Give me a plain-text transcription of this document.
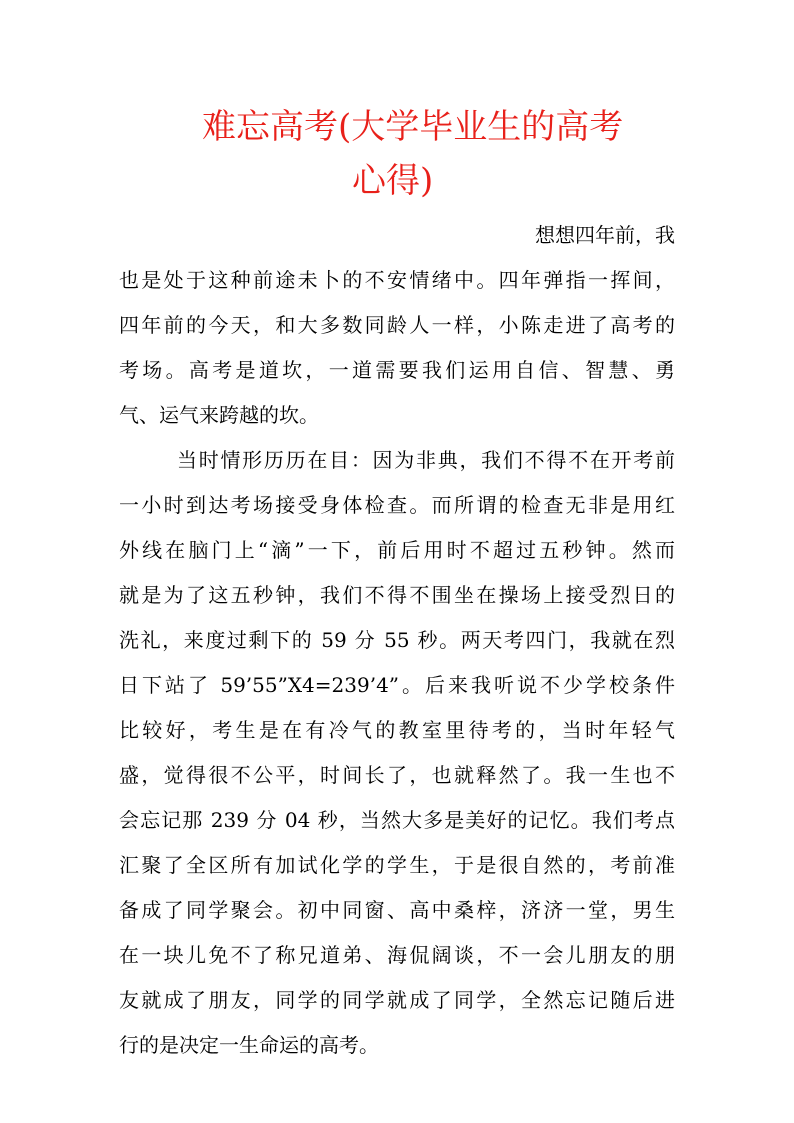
难忘高考(大学毕业生的高考
心得)
想想四年前，我
也是处于这种前途未卜的不安情绪中。四年弹指一挥间，
四年前的今天，和大多数同龄人一样，小陈走进了高考的
考场。高考是道坎，一道需要我们运用自信、智慧、勇
气、运气来跨越的坎。
当时情形历历在目：因为非典，我们不得不在开考前
一小时到达考场接受身体检查。而所谓的检查无非是用红
外线在脑门上“滴”一下，前后用时不超过五秒钟。然而
就是为了这五秒钟，我们不得不围坐在操场上接受烈日的
洗礼，来度过剩下的 59 分 55 秒。两天考四门，我就在烈
日下站了 59’55”X4=239’4”。后来我听说不少学校条件
比较好，考生是在有冷气的教室里待考的，当时年轻气
盛，觉得很不公平，时间长了，也就释然了。我一生也不
会忘记那 239 分 04 秒，当然大多是美好的记忆。我们考点
汇聚了全区所有加试化学的学生，于是很自然的，考前准
备成了同学聚会。初中同窗、高中桑梓，济济一堂，男生
在一块儿免不了称兄道弟、海侃阔谈，不一会儿朋友的朋
友就成了朋友，同学的同学就成了同学，全然忘记随后进
行的是决定一生命运的高考。
